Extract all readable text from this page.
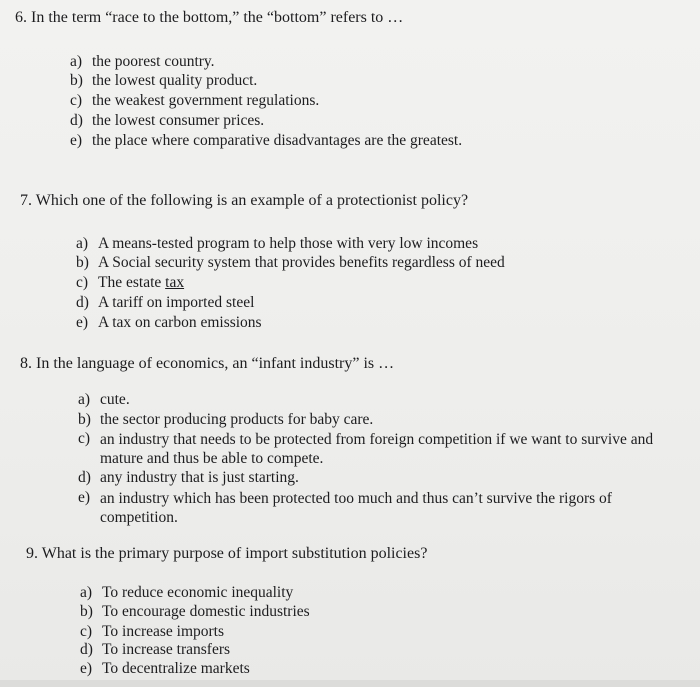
6. In the term “race to the bottom,” the “bottom” refers to …
a) the poorest country.
b) the lowest quality product.
c) the weakest government regulations.
d) the lowest consumer prices.
e) the place where comparative disadvantages are the greatest.
7. Which one of the following is an example of a protectionist policy?
a) A means-tested program to help those with very low incomes
b) A Social security system that provides benefits regardless of need
c) The estate tax
d) A tariff on imported steel
e) A tax on carbon emissions
8. In the language of economics, an “infant industry” is …
a) cute.
b) the sector producing products for baby care.
c) an industry that needs to be protected from foreign competition if we want to survive and mature and thus be able to compete.
d) any industry that is just starting.
e) an industry which has been protected too much and thus can’t survive the rigors of competition.
9. What is the primary purpose of import substitution policies?
a) To reduce economic inequality
b) To encourage domestic industries
c) To increase imports
d) To increase transfers
e) To decentralize markets
